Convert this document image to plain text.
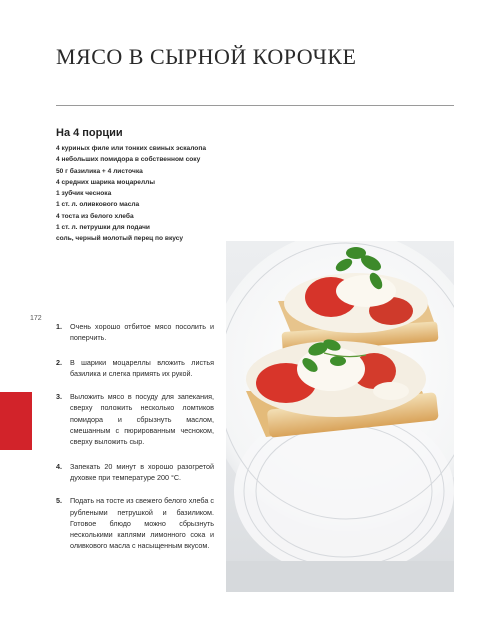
МЯСО В СЫРНОЙ КОРОЧКЕ
На 4 порции
4 куриных филе или тонких свиных эскалопа
4 небольших помидора в собственном соку
50 г базилика + 4 листочка
4 средних шарика моцареллы
1 зубчик чеснока
1 ст. л. оливкового масла
4 тоста из белого хлеба
1 ст. л. петрушки для подачи
соль, черный молотый перец по вкусу
172
1. Очень хорошо отбитое мясо посолить и поперчить.
2. В шарики моцареллы вложить листья базилика и слегка примять их рукой.
3. Выложить мясо в посуду для запекания, сверху положить несколько ломтиков помидора и сбрызнуть маслом, смешанным с пюрированным чесноком, сверху выложить сыр.
4. Запекать 20 минут в хорошо разогретой духовке при температуре 200 °C.
5. Подать на тосте из свежего белого хлеба с рублеными петрушкой и базиликом. Готовое блюдо можно сбрызнуть несколькими каплями лимонного сока и оливкового масла с насыщенным вкусом.
